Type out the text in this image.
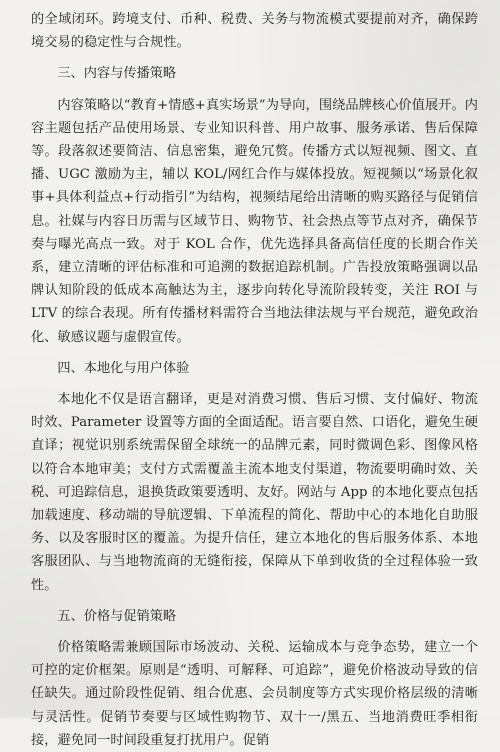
的全域闭环。跨境支付、币种、税费、关务与物流模式要提前对齐，确保跨境交易的稳定性与合规性。

三、内容与传播策略

内容策略以“教育+情感+真实场景”为导向，围绕品牌核心价值展开。内容主题包括产品使用场景、专业知识科普、用户故事、服务承诺、售后保障等。段落叙述要简洁、信息密集，避免冗赘。传播方式以短视频、图文、直播、UGC 激励为主，辅以 KOL/网红合作与媒体投放。短视频以“场景化叙事+具体利益点+行动指引”为结构，视频结尾给出清晰的购买路径与促销信息。社媒与内容日历需与区域节日、购物节、社会热点等节点对齐，确保节奏与曝光高点一致。对于 KOL 合作，优先选择具备高信任度的长期合作关系，建立清晰的评估标准和可追溯的数据追踪机制。广告投放策略强调以品牌认知阶段的低成本高触达为主，逐步向转化导流阶段转变，关注 ROI 与 LTV 的综合表现。所有传播材料需符合当地法律法规与平台规范，避免政治化、敏感议题与虚假宣传。

四、本地化与用户体验

本地化不仅是语言翻译，更是对消费习惯、售后习惯、支付偏好、物流时效、Parameter 设置等方面的全面适配。语言要自然、口语化，避免生硬直译；视觉识别系统需保留全球统一的品牌元素，同时微调色彩、图像风格以符合本地审美；支付方式需覆盖主流本地支付渠道，物流要明确时效、关税、可追踪信息，退换货政策要透明、友好。网站与 App 的本地化要点包括加载速度、移动端的导航逻辑、下单流程的简化、帮助中心的本地化自助服务、以及客服时区的覆盖。为提升信任，建立本地化的售后服务体系、本地客服团队、与当地物流商的无缝衔接，保障从下单到收货的全过程体验一致性。

五、价格与促销策略

价格策略需兼顾国际市场波动、关税、运输成本与竞争态势，建立一个可控的定价框架。原则是“透明、可解释、可追踪”，避免价格波动导致的信任缺失。通过阶段性促销、组合优惠、会员制度等方式实现价格层级的清晰与灵活性。促销节奏要与区域性购物节、双十一/黑五、当地消费旺季相衔接，避免同一时间段重复打扰用户。促销
